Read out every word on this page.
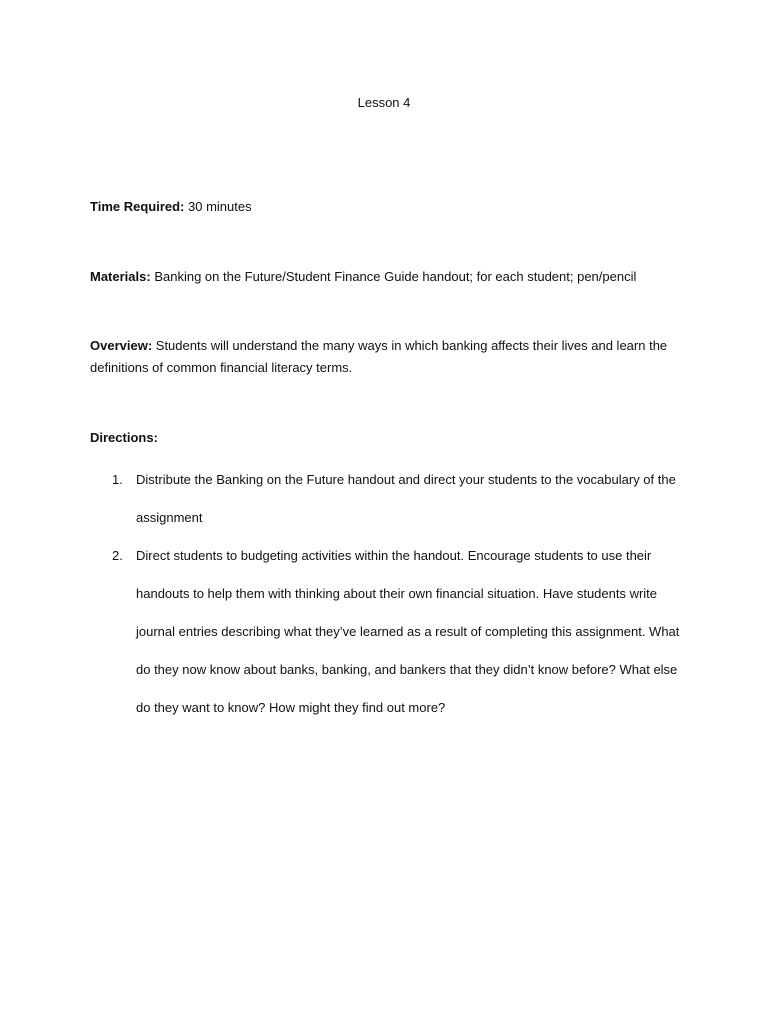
Lesson 4
Time Required: 30 minutes
Materials: Banking on the Future/Student Finance Guide handout; for each student; pen/pencil
Overview: Students will understand the many ways in which banking affects their lives and learn the definitions of common financial literacy terms.
Directions:
1. Distribute the Banking on the Future handout and direct your students to the vocabulary of the assignment
2. Direct students to budgeting activities within the handout. Encourage students to use their handouts to help them with thinking about their own financial situation. Have students write journal entries describing what they’ve learned as a result of completing this assignment. What do they now know about banks, banking, and bankers that they didn’t know before? What else do they want to know? How might they find out more?
